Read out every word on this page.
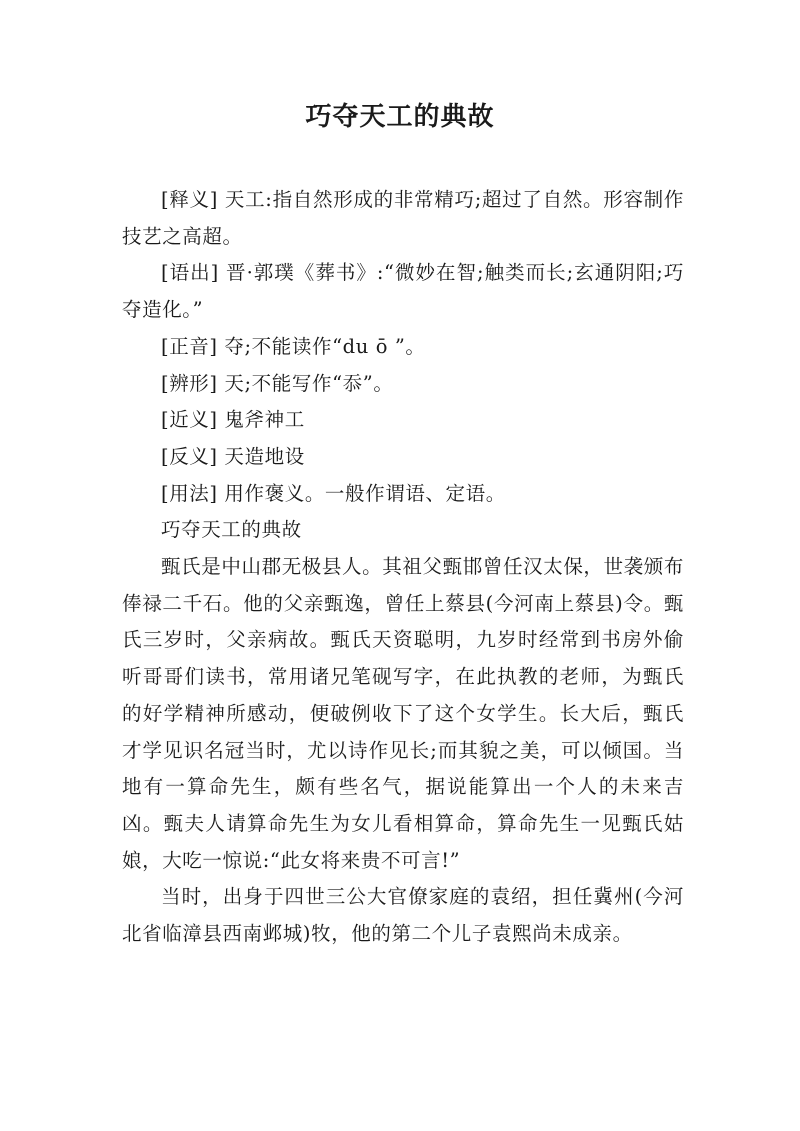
巧夺天工的典故

[释义] 天工:指自然形成的非常精巧;超过了自然。形容制作技艺之高超。

[语出] 晋·郭璞《葬书》:“微妙在智;触类而长;玄通阴阳;巧夺造化。”

[正音] 夺;不能读作“du ō ”。

[辨形] 天;不能写作“忝”。

[近义] 鬼斧神工

[反义] 天造地设

[用法] 用作褒义。一般作谓语、定语。

巧夺天工的典故

甄氏是中山郡无极县人。其祖父甄邯曾任汉太保，世袭颁布俸禄二千石。他的父亲甄逸，曾任上蔡县(今河南上蔡县)令。甄氏三岁时，父亲病故。甄氏天资聪明，九岁时经常到书房外偷听哥哥们读书，常用诸兄笔砚写字，在此执教的老师，为甄氏的好学精神所感动，便破例收下了这个女学生。长大后，甄氏才学见识名冠当时，尤以诗作见长;而其貌之美，可以倾国。当地有一算命先生，颇有些名气，据说能算出一个人的未来吉凶。甄夫人请算命先生为女儿看相算命，算命先生一见甄氏姑娘，大吃一惊说:“此女将来贵不可言!”

当时，出身于四世三公大官僚家庭的袁绍，担任冀州(今河北省临漳县西南邺城)牧，他的第二个儿子袁熙尚未成亲。
